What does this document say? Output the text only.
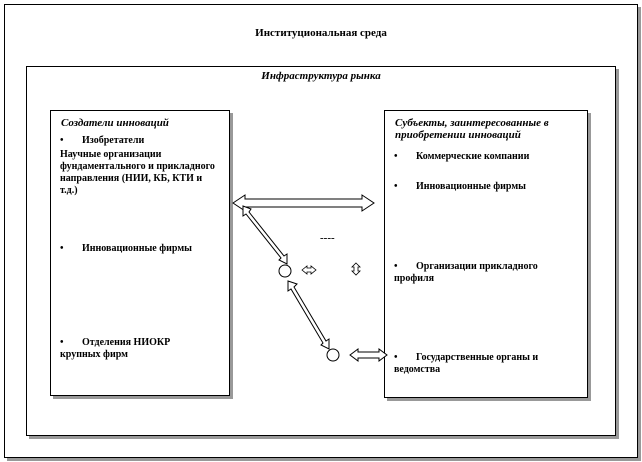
Институциональная среда
Инфраструктура рынка
Создатели инноваций	Субъекты, заинтересованные в приобретении инноваций
• Изобретатели
Научные организации фундаментального и прикладного направления (НИИ, КБ, КТИ и т.д.)
• Инновационные фирмы
• Отделения НИОКР крупных фирм
• Коммерческие компании
• Инновационные фирмы
• Организации прикладного профиля
• Государственные органы и ведомства
----
